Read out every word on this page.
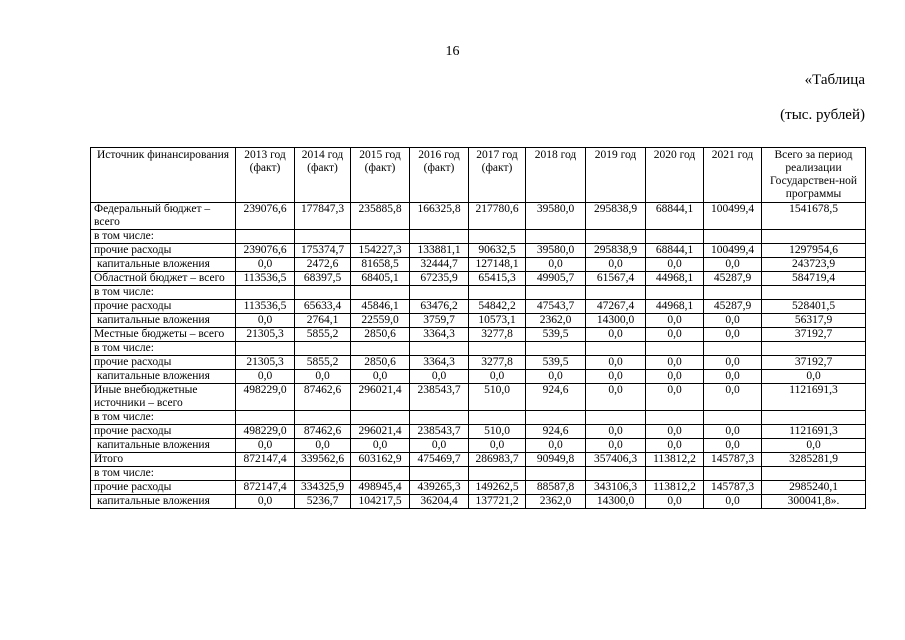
16
«Таблица
(тыс. рублей)
Источник финансирования	2013 год (факт)	2014 год (факт)	2015 год (факт)	2016 год (факт)	2017 год (факт)	2018 год	2019 год	2020 год	2021 год	Всего за период реализации Государствен-ной программы
Федеральный бюджет – всего	239076,6	177847,3	235885,8	166325,8	217780,6	39580,0	295838,9	68844,1	100499,4	1541678,5
в том числе:										
прочие расходы	239076,6	175374,7	154227,3	133881,1	90632,5	39580,0	295838,9	68844,1	100499,4	1297954,6
капитальные вложения	0,0	2472,6	81658,5	32444,7	127148,1	0,0	0,0	0,0	0,0	243723,9
Областной бюджет – всего	113536,5	68397,5	68405,1	67235,9	65415,3	49905,7	61567,4	44968,1	45287,9	584719,4
в том числе:										
прочие расходы	113536,5	65633,4	45846,1	63476,2	54842,2	47543,7	47267,4	44968,1	45287,9	528401,5
капитальные вложения	0,0	2764,1	22559,0	3759,7	10573,1	2362,0	14300,0	0,0	0,0	56317,9
Местные бюджеты – всего	21305,3	5855,2	2850,6	3364,3	3277,8	539,5	0,0	0,0	0,0	37192,7
в том числе:										
прочие расходы	21305,3	5855,2	2850,6	3364,3	3277,8	539,5	0,0	0,0	0,0	37192,7
капитальные вложения	0,0	0,0	0,0	0,0	0,0	0,0	0,0	0,0	0,0	0,0
Иные внебюджетные источники – всего	498229,0	87462,6	296021,4	238543,7	510,0	924,6	0,0	0,0	0,0	1121691,3
в том числе:										
прочие расходы	498229,0	87462,6	296021,4	238543,7	510,0	924,6	0,0	0,0	0,0	1121691,3
капитальные вложения	0,0	0,0	0,0	0,0	0,0	0,0	0,0	0,0	0,0	0,0
Итого	872147,4	339562,6	603162,9	475469,7	286983,7	90949,8	357406,3	113812,2	145787,3	3285281,9
в том числе:										
прочие расходы	872147,4	334325,9	498945,4	439265,3	149262,5	88587,8	343106,3	113812,2	145787,3	2985240,1
капитальные вложения	0,0	5236,7	104217,5	36204,4	137721,2	2362,0	14300,0	0,0	0,0	300041,8».
